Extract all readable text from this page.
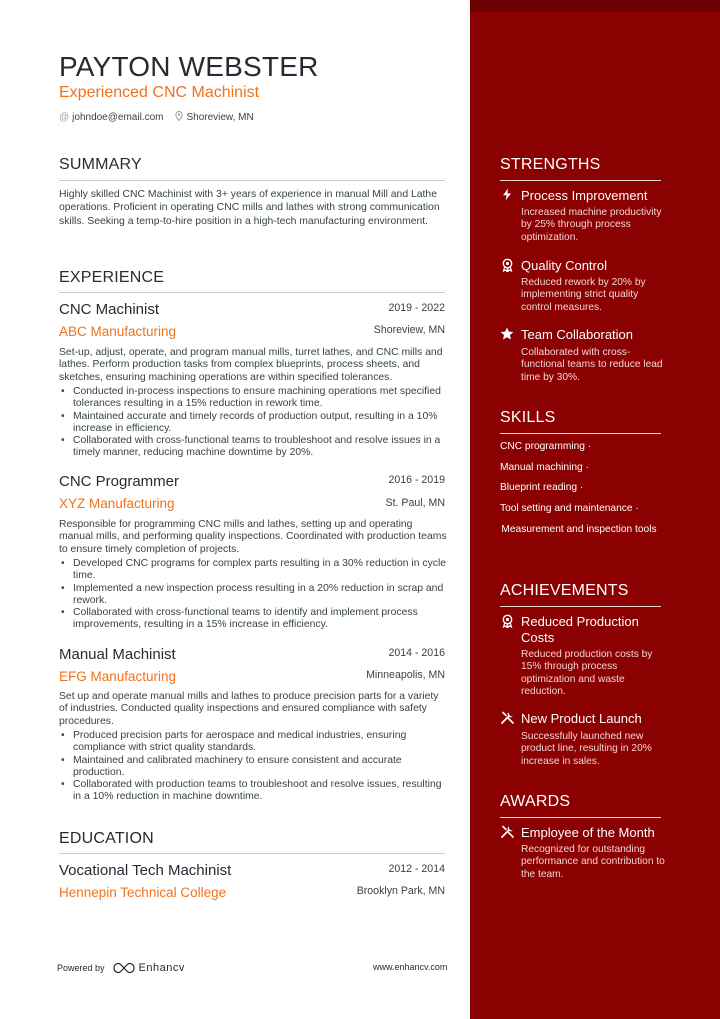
PAYTON WEBSTER
Experienced CNC Machinist
@ johndoe@email.com Shoreview, MN
SUMMARY
Highly skilled CNC Machinist with 3+ years of experience in manual Mill and Lathe operations. Proficient in operating CNC mills and lathes with strong communication skills. Seeking a temp-to-hire position in a high-tech manufacturing environment.
EXPERIENCE
CNC Machinist	2019 - 2022
ABC Manufacturing	Shoreview, MN
Set-up, adjust, operate, and program manual mills, turret lathes, and CNC mills and lathes. Perform production tasks from complex blueprints, process sheets, and sketches, ensuring machining operations are within specified tolerances.
• Conducted in-process inspections to ensure machining operations met specified tolerances resulting in a 15% reduction in rework time.
• Maintained accurate and timely records of production output, resulting in a 10% increase in efficiency.
• Collaborated with cross-functional teams to troubleshoot and resolve issues in a timely manner, reducing machine downtime by 20%.
CNC Programmer	2016 - 2019
XYZ Manufacturing	St. Paul, MN
Responsible for programming CNC mills and lathes, setting up and operating manual mills, and performing quality inspections. Coordinated with production teams to ensure timely completion of projects.
• Developed CNC programs for complex parts resulting in a 30% reduction in cycle time.
• Implemented a new inspection process resulting in a 20% reduction in scrap and rework.
• Collaborated with cross-functional teams to identify and implement process improvements, resulting in a 15% increase in efficiency.
Manual Machinist	2014 - 2016
EFG Manufacturing	Minneapolis, MN
Set up and operate manual mills and lathes to produce precision parts for a variety of industries. Conducted quality inspections and ensured compliance with safety procedures.
• Produced precision parts for aerospace and medical industries, ensuring compliance with strict quality standards.
• Maintained and calibrated machinery to ensure consistent and accurate production.
• Collaborated with production teams to troubleshoot and resolve issues, resulting in a 10% reduction in machine downtime.
EDUCATION
Vocational Tech Machinist	2012 - 2014
Hennepin Technical College	Brooklyn Park, MN
Powered by	Enhancv	www.enhancv.com
STRENGTHS
Process Improvement
Increased machine productivity by 25% through process optimization.
Quality Control
Reduced rework by 20% by implementing strict quality control measures.
Team Collaboration
Collaborated with cross-functional teams to reduce lead time by 30%.
SKILLS
CNC programming ·
Manual machining ·
Blueprint reading ·
Tool setting and maintenance ·
Measurement and inspection tools
ACHIEVEMENTS
Reduced Production Costs
Reduced production costs by 15% through process optimization and waste reduction.
New Product Launch
Successfully launched new product line, resulting in 20% increase in sales.
AWARDS
Employee of the Month
Recognized for outstanding performance and contribution to the team.
